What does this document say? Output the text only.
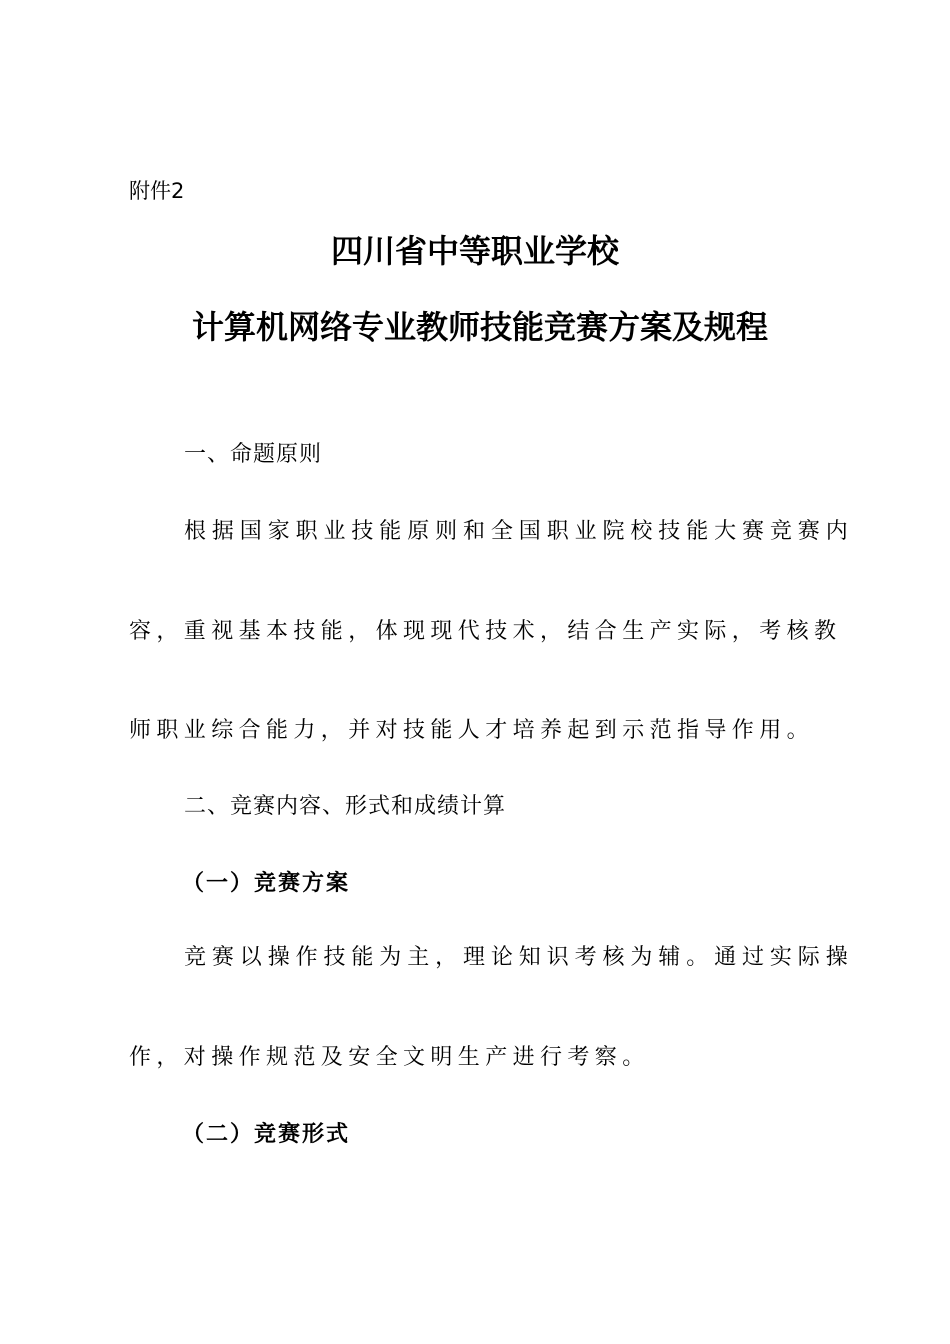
附件2
四川省中等职业学校
计算机网络专业教师技能竞赛方案及规程
一、命题原则
根据国家职业技能原则和全国职业院校技能大赛竞赛内
容，重视基本技能，体现现代技术，结合生产实际，考核教
师职业综合能力，并对技能人才培养起到示范指导作用。
二、竞赛内容、形式和成绩计算
（一）竞赛方案
竞赛以操作技能为主，理论知识考核为辅。通过实际操
作，对操作规范及安全文明生产进行考察。
（二）竞赛形式
